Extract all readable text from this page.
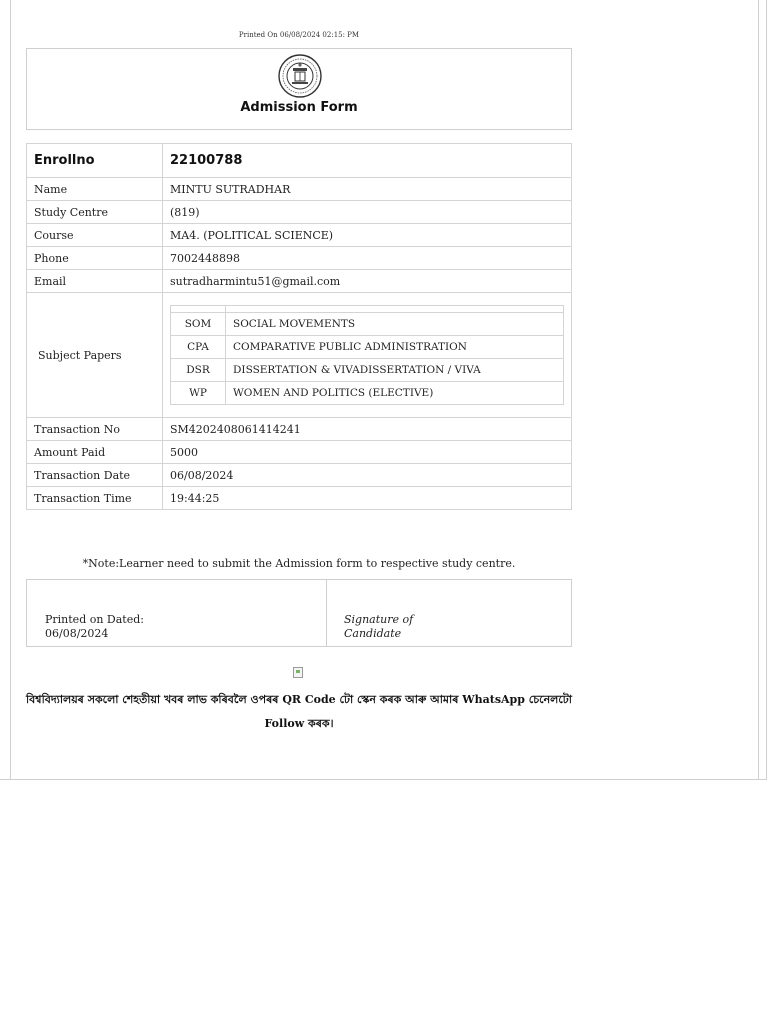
Printed On 06/08/2024 02:15: PM
Admission Form
Enrollno	22100788
Name	MINTU SUTRADHAR
Study Centre	(819)
Course	MA4. (POLITICAL SCIENCE)
Phone	7002448898
Email	sutradharmintu51@gmail.com
Subject Papers	

SOM	SOCIAL MOVEMENTS
CPA	COMPARATIVE PUBLIC ADMINISTRATION
DSR	DISSERTATION & VIVADISSERTATION / VIVA
WP	WOMEN AND POLITICS (ELECTIVE)

Transaction No	SM4202408061414241
Amount Paid	5000
Transaction Date	06/08/2024
Transaction Time	19:44:25
*Note:Learner need to submit the Admission form to respective study centre.
Printed on Dated:
06/08/2024
Signature of
Candidate
বিশ্ববিদ্যালয়ৰ সকলো শেহতীয়া খবৰ লাভ কৰিবলৈ ওপৰৰ QR Code টো স্কেন কৰক আৰু আমাৰ WhatsApp চেনেলটো
Follow কৰক।
